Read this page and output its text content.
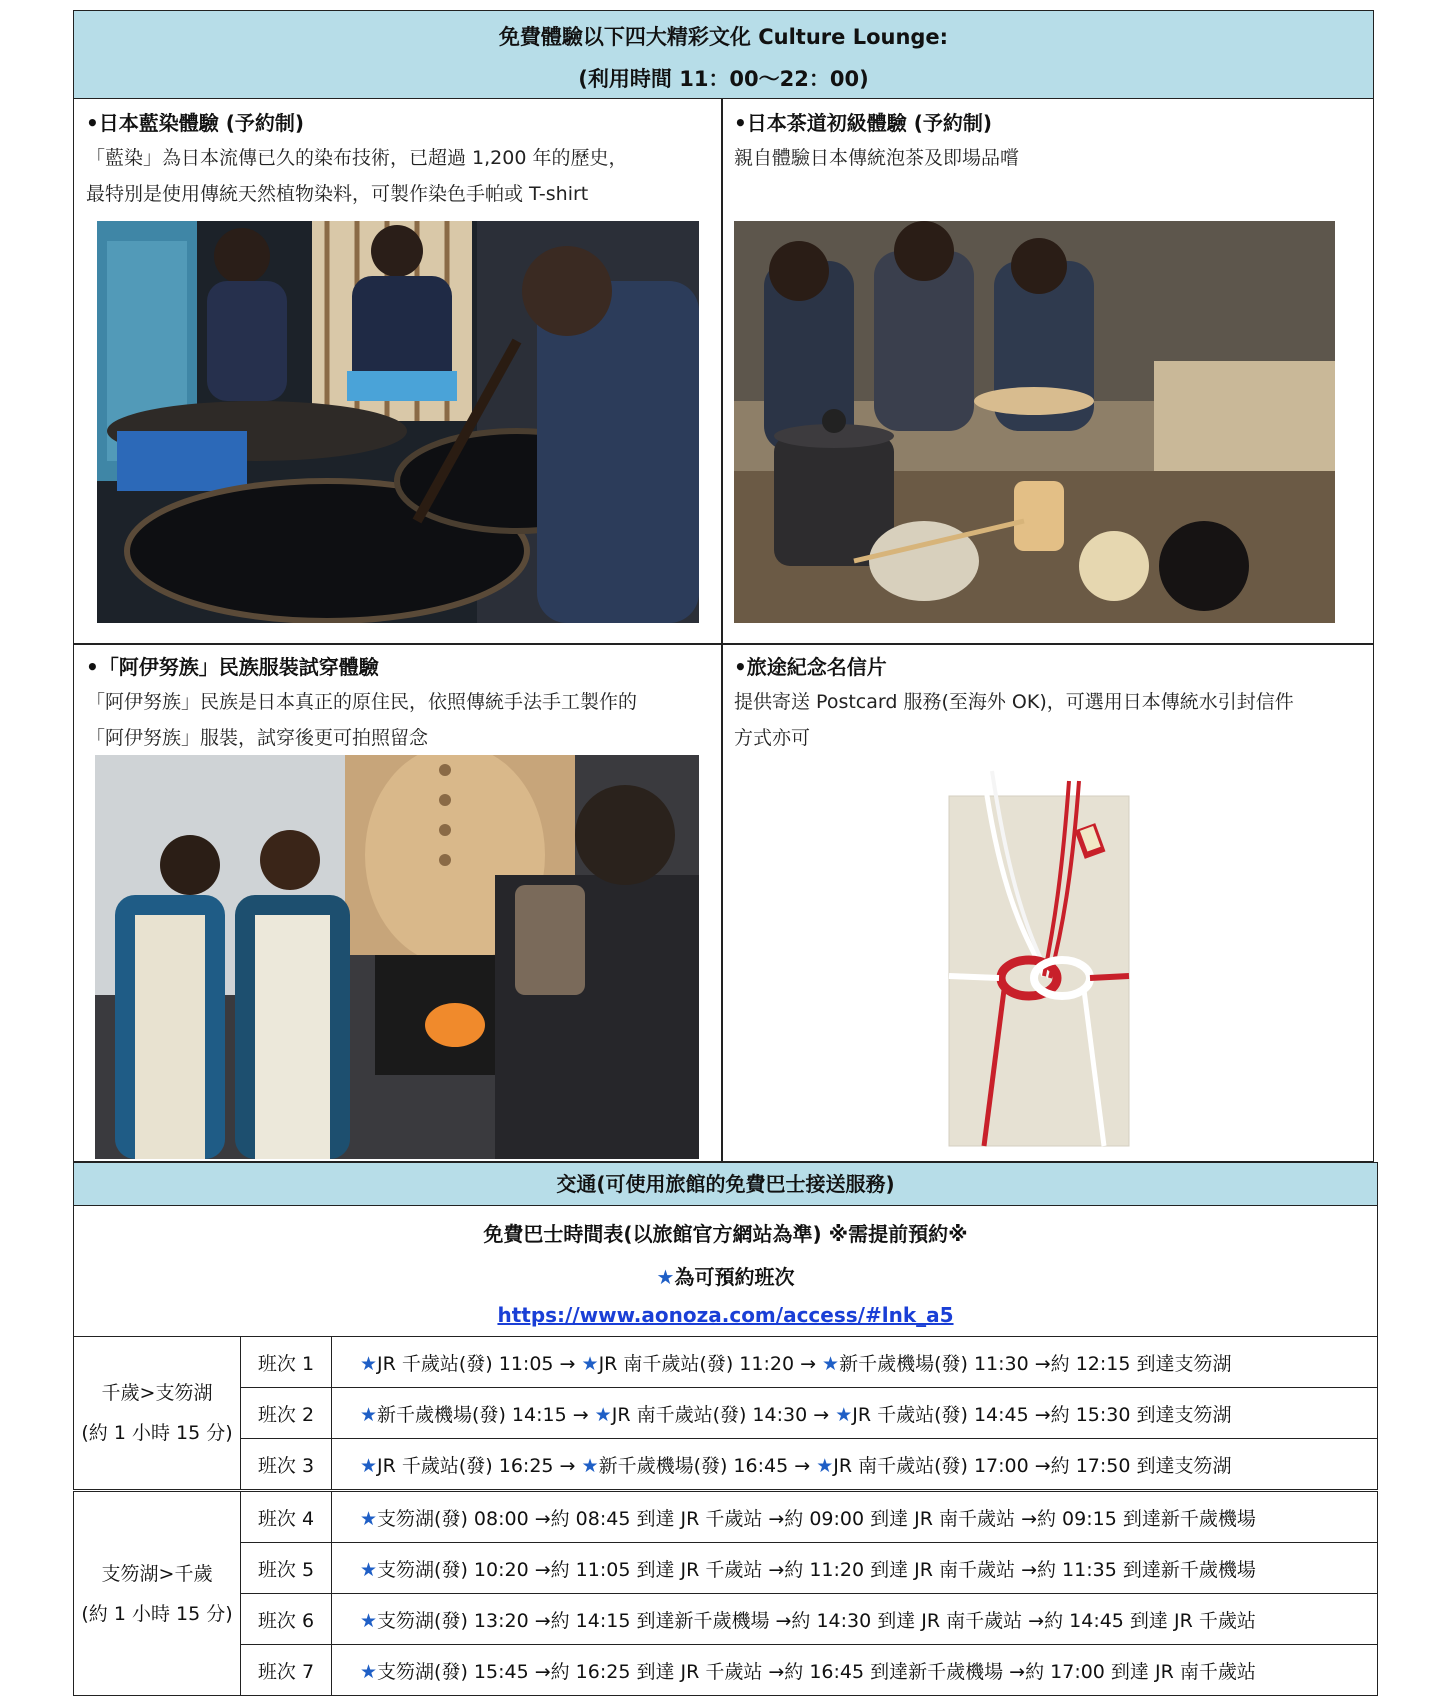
免費體驗以下四大精彩文化 Culture Lounge:
(利用時間 11：00～22：00)
•日本藍染體驗 (予約制)
「藍染」為日本流傳已久的染布技術，已超過 1,200 年的歷史，
最特別是使用傳統天然植物染料，可製作染色手帕或 T-shirt
•日本茶道初級體驗 (予約制)
親自體驗日本傳統泡茶及即場品嚐
•「阿伊努族」民族服裝試穿體驗
「阿伊努族」民族是日本真正的原住民，依照傳統手法手工製作的
「阿伊努族」服裝，試穿後更可拍照留念
•旅途紀念名信片
提供寄送 Postcard 服務(至海外 OK)，可選用日本傳統水引封信件
方式亦可
交通(可使用旅館的免費巴士接送服務)
免費巴士時間表(以旅館官方網站為準) ※需提前預約※
★為可預約班次
https://www.aonoza.com/access/#lnk_a5
千歲>支笏湖
(約 1 小時 15 分)	班次 1	★JR 千歲站(發) 11:05 → ★JR 南千歲站(發) 11:20 → ★新千歲機場(發) 11:30 →約 12:15 到達支笏湖
	班次 2	★新千歲機場(發) 14:15 → ★JR 南千歲站(發) 14:30 → ★JR 千歲站(發) 14:45 →約 15:30 到達支笏湖
	班次 3	★JR 千歲站(發) 16:25 → ★新千歲機場(發) 16:45 → ★JR 南千歲站(發) 17:00 →約 17:50 到達支笏湖

支笏湖>千歲
(約 1 小時 15 分)	班次 4	★支笏湖(發) 08:00 →約 08:45 到達 JR 千歲站 →約 09:00 到達 JR 南千歲站 →約 09:15 到達新千歲機場
	班次 5	★支笏湖(發) 10:20 →約 11:05 到達 JR 千歲站 →約 11:20 到達 JR 南千歲站 →約 11:35 到達新千歲機場
	班次 6	★支笏湖(發) 13:20 →約 14:15 到達新千歲機場 →約 14:30 到達 JR 南千歲站 →約 14:45 到達 JR 千歲站
	班次 7	★支笏湖(發) 15:45 →約 16:25 到達 JR 千歲站 →約 16:45 到達新千歲機場 →約 17:00 到達 JR 南千歲站
